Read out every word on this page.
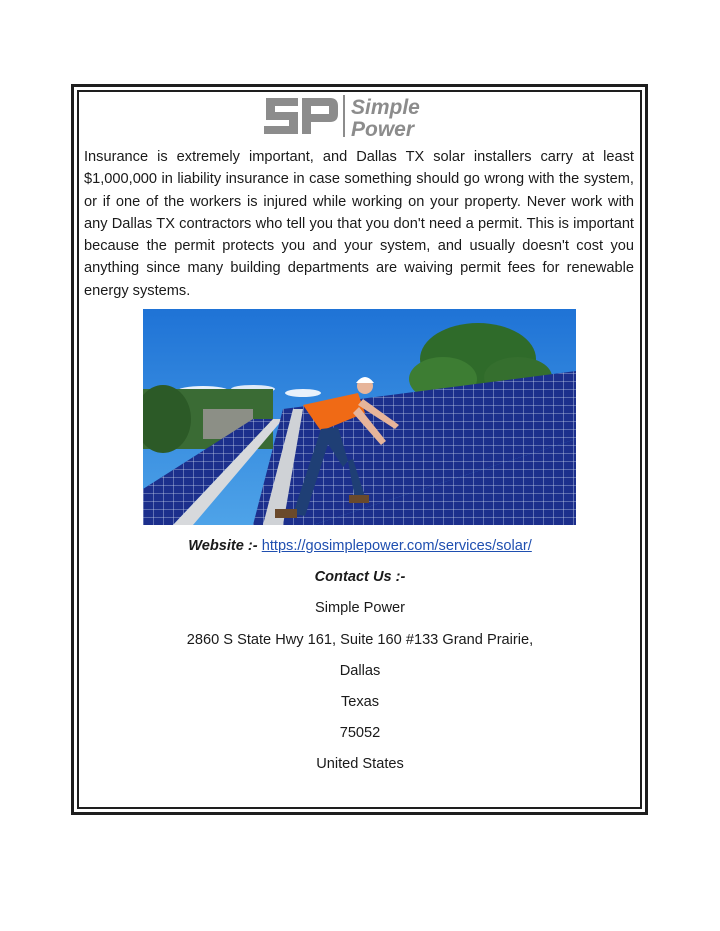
Simple
Power

Insurance is extremely important, and Dallas TX solar installers carry at least $1,000,000 in liability insurance in case something should go wrong with the system, or if one of the workers is injured while working on your property. Never work with any Dallas TX contractors who tell you that you don't need a permit. This is important because the permit protects you and your system, and usually doesn't cost you anything since many building departments are waiving permit fees for renewable energy systems.

Website :- https://gosimplepower.com/services/solar/
Contact Us :-
Simple Power
2860 S State Hwy 161, Suite 160 #133 Grand Prairie,
Dallas
Texas
75052
United States
